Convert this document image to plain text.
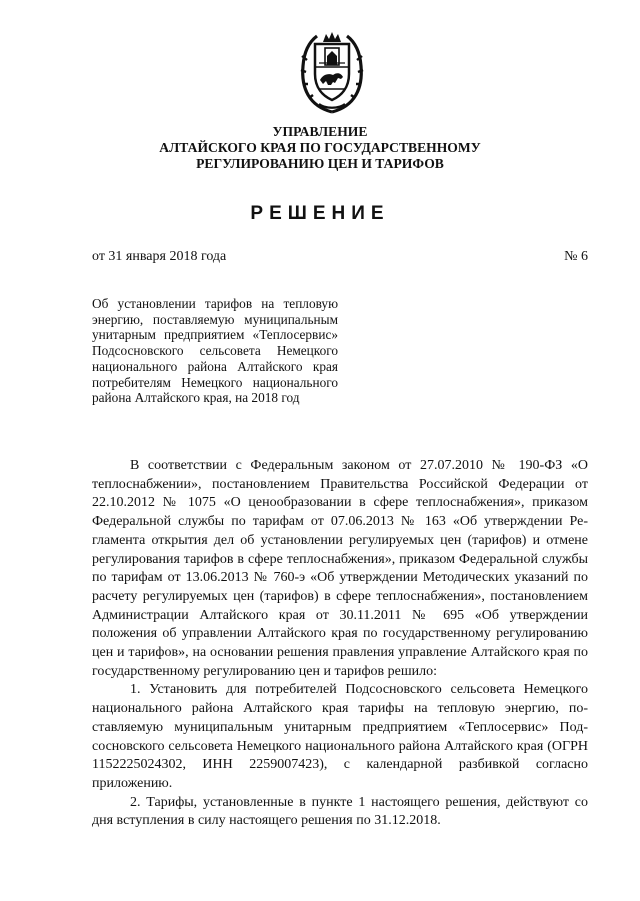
УПРАВЛЕНИЕ
АЛТАЙСКОГО КРАЯ ПО ГОСУДАРСТВЕННОМУ
РЕГУЛИРОВАНИЮ ЦЕН И ТАРИФОВ
РЕШЕНИЕ
от 31 января 2018 года	№ 6

Об установлении тарифов на тепловую энергию, поставляемую муниципальным унитарным предприятием «Теплосервис» Подсосновского сельсовета Немецкого национального района Алтайского края потребителям Немецкого национального района Алтайского края, на 2018 год

В соответствии с Федеральным законом от 27.07.2010 № 190-ФЗ «О теплоснабжении», постановлением Правительства Российской Федерации от 22.10.2012 № 1075 «О ценообразовании в сфере теплоснабжения», приказом Федеральной службы по тарифам от 07.06.2013 № 163 «Об утверждении Регламента открытия дел об установлении регулируемых цен (тарифов) и отмене регулирования тарифов в сфере теплоснабжения», приказом Федеральной службы по тарифам от 13.06.2013 № 760-э «Об утверждении Методических указаний по расчету регулируемых цен (тарифов) в сфере теплоснабжения», постановлением Администрации Алтайского края от 30.11.2011 № 695 «Об утверждении положения об управлении Алтайского края по государственному регулированию цен и тарифов», на основании решения правления управление Алтайского края по государственному регулированию цен и тарифов решило:

1. Установить для потребителей Подсосновского сельсовета Немецкого национального района Алтайского края тарифы на тепловую энергию, поставляемую муниципальным унитарным предприятием «Теплосервис» Подсосновского сельсовета Немецкого национального района Алтайского края (ОГРН 1152225024302, ИНН 2259007423), с календарной разбивкой согласно приложению.

2. Тарифы, установленные в пункте 1 настоящего решения, действуют со дня вступления в силу настоящего решения по 31.12.2018.
